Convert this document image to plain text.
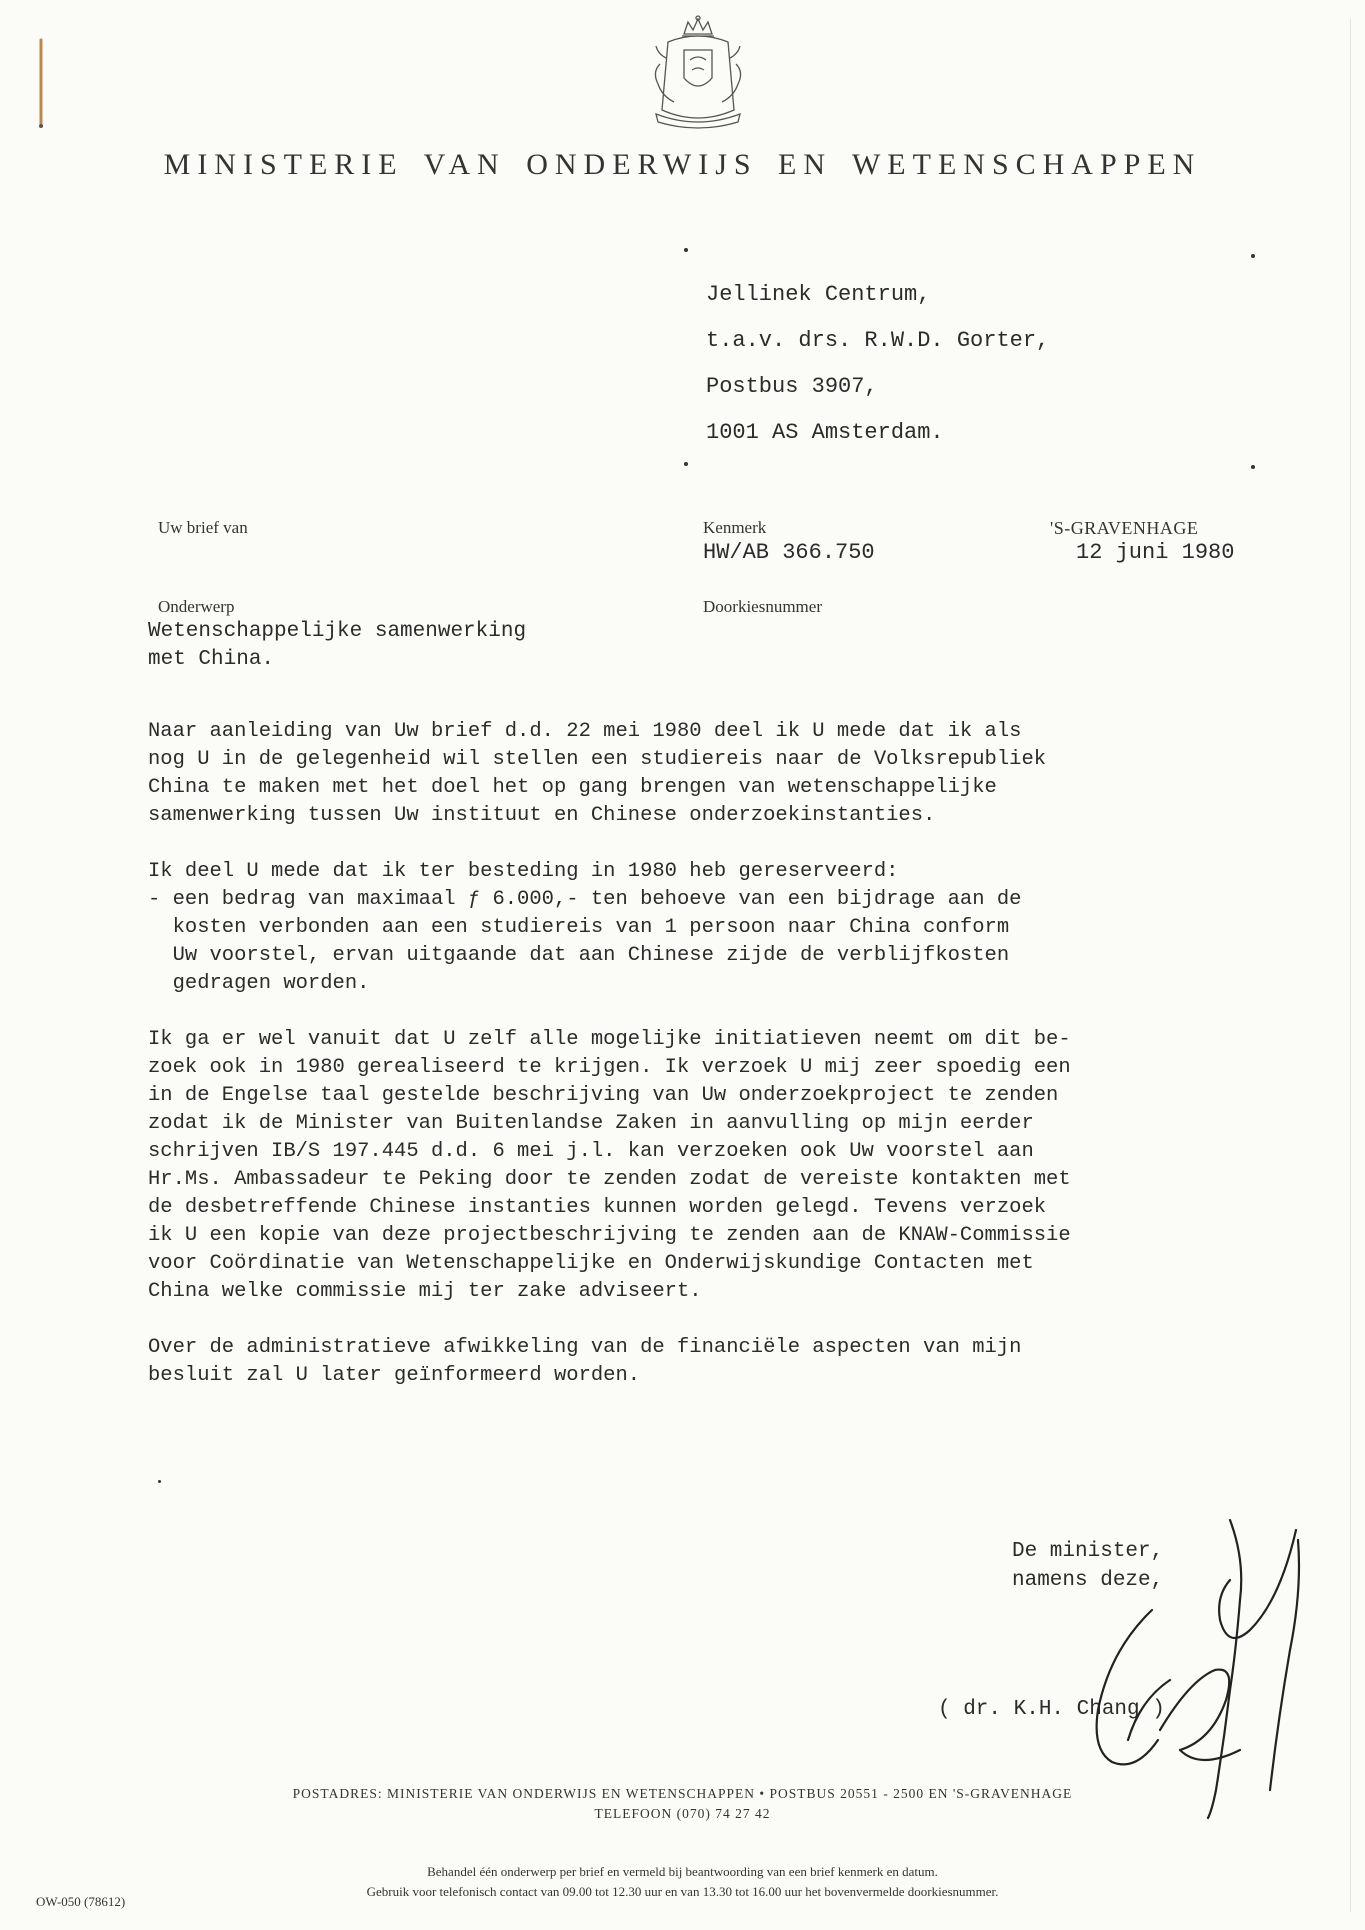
MINISTERIE VAN ONDERWIJS EN WETENSCHAPPEN
Jellinek Centrum,
t.a.v. drs. R.W.D. Gorter,
Postbus 3907,
1001 AS Amsterdam.
Uw brief van	Kenmerk
HW/AB 366.750
'S-GRAVENHAGE
12 juni 1980
Onderwerp	Doorkiesnummer
Wetenschappelijke samenwerking
met China.
Naar aanleiding van Uw brief d.d. 22 mei 1980 deel ik U mede dat ik als
nog U in de gelegenheid wil stellen een studiereis naar de Volksrepubliek
China te maken met het doel het op gang brengen van wetenschappelijke
samenwerking tussen Uw instituut en Chinese onderzoekinstanties.
Ik deel U mede dat ik ter besteding in 1980 heb gereserveerd:
- een bedrag van maximaal ƒ 6.000,- ten behoeve van een bijdrage aan de
kosten verbonden aan een studiereis van 1 persoon naar China conform
Uw voorstel, ervan uitgaande dat aan Chinese zijde de verblijfkosten
gedragen worden.
Ik ga er wel vanuit dat U zelf alle mogelijke initiatieven neemt om dit be-
zoek ook in 1980 gerealiseerd te krijgen. Ik verzoek U mij zeer spoedig een
in de Engelse taal gestelde beschrijving van Uw onderzoekproject te zenden
zodat ik de Minister van Buitenlandse Zaken in aanvulling op mijn eerder
schrijven IB/S 197.445 d.d. 6 mei j.l. kan verzoeken ook Uw voorstel aan
Hr.Ms. Ambassadeur te Peking door te zenden zodat de vereiste kontakten met
de desbetreffende Chinese instanties kunnen worden gelegd. Tevens verzoek
ik U een kopie van deze projectbeschrijving te zenden aan de KNAW-Commissie
voor Coördinatie van Wetenschappelijke en Onderwijskundige Contacten met
China welke commissie mij ter zake adviseert.
Over de administratieve afwikkeling van de financiële aspecten van mijn
besluit zal U later geïnformeerd worden.
De minister,
namens deze,
( dr. K.H. Chang )
POSTADRES: MINISTERIE VAN ONDERWIJS EN WETENSCHAPPEN • POSTBUS 20551 - 2500 EN 'S-GRAVENHAGE
TELEFOON (070) 74 27 42
Behandel één onderwerp per brief en vermeld bij beantwoording van een brief kenmerk en datum.
Gebruik voor telefonisch contact van 09.00 tot 12.30 uur en van 13.30 tot 16.00 uur het bovenvermelde doorkiesnummer.
OW-050 (78612)
